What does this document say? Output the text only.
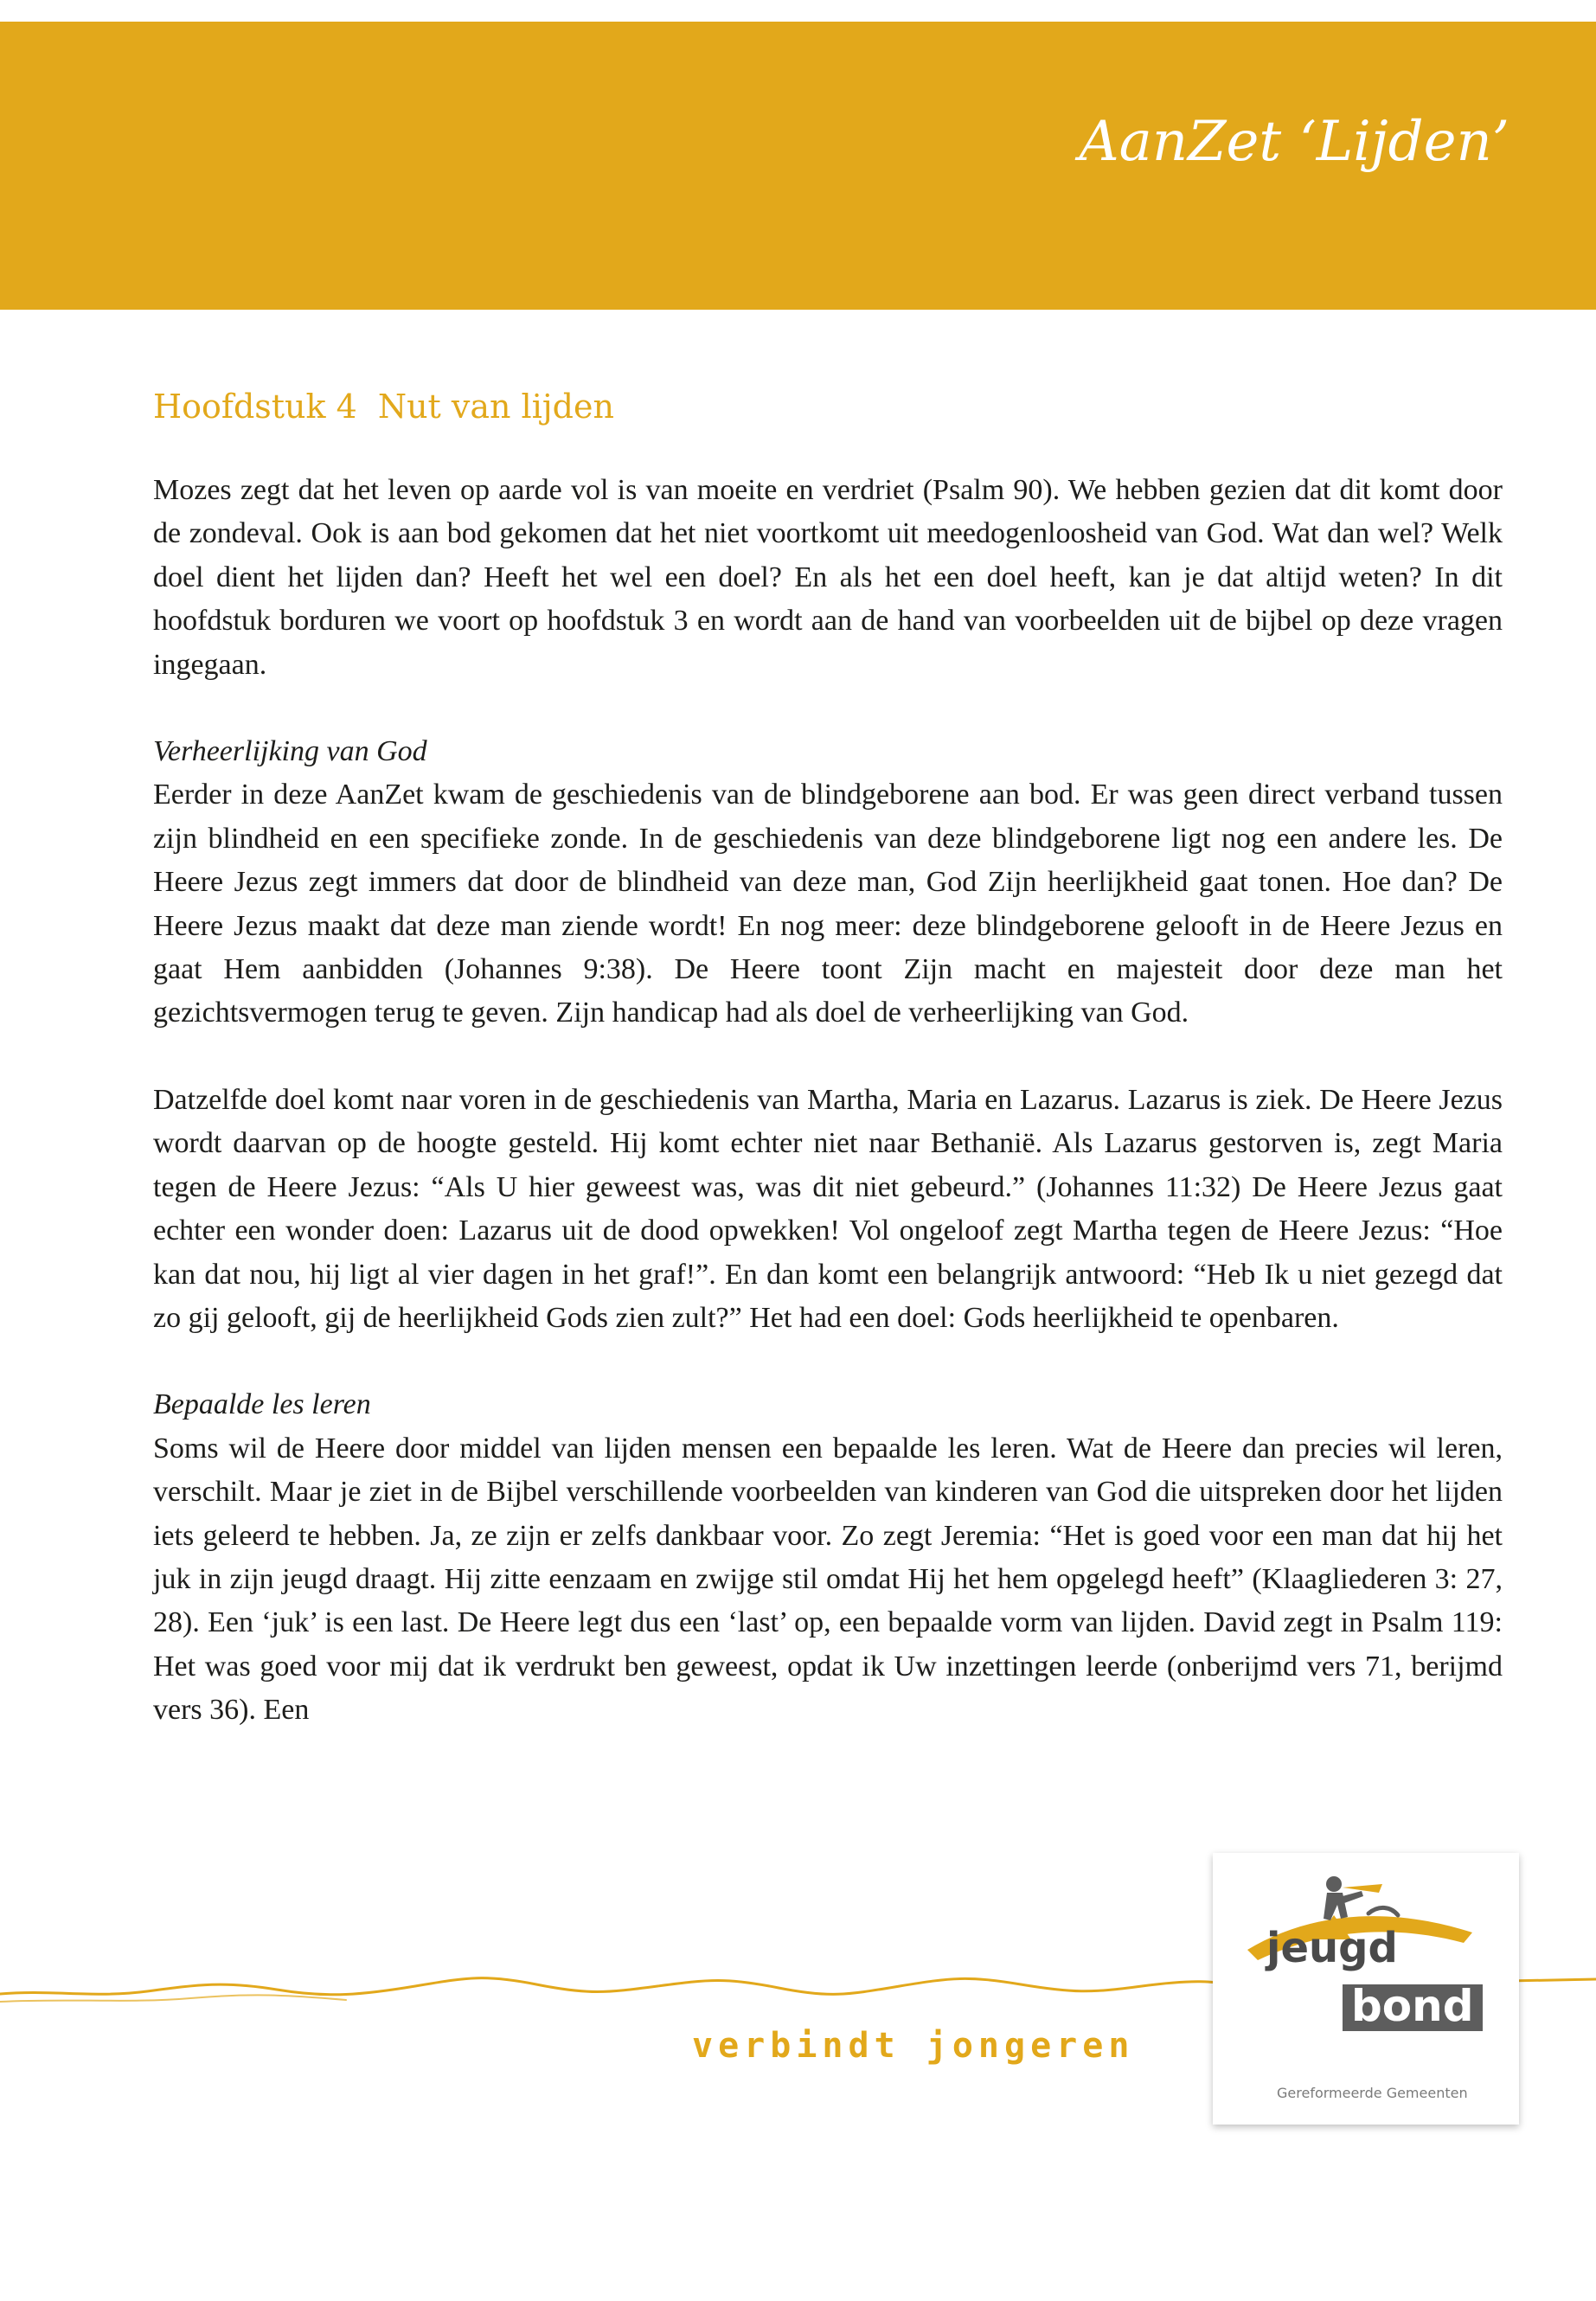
AanZet ‘Lijden’
Hoofdstuk 4 Nut van lijden

Mozes zegt dat het leven op aarde vol is van moeite en verdriet (Psalm 90). We hebben gezien dat dit komt door de zondeval. Ook is aan bod gekomen dat het niet voortkomt uit meedogenloosheid van God. Wat dan wel? Welk doel dient het lijden dan? Heeft het wel een doel? En als het een doel heeft, kan je dat altijd weten? In dit hoofdstuk borduren we voort op hoofdstuk 3 en wordt aan de hand van voorbeelden uit de bijbel op deze vragen ingegaan.

Verheerlijking van God

Eerder in deze AanZet kwam de geschiedenis van de blindgeborene aan bod. Er was geen direct verband tussen zijn blindheid en een specifieke zonde. In de geschiedenis van deze blindgeborene ligt nog een andere les. De Heere Jezus zegt immers dat door de blindheid van deze man, God Zijn heerlijkheid gaat tonen. Hoe dan? De Heere Jezus maakt dat deze man ziende wordt! En nog meer: deze blindgeborene gelooft in de Heere Jezus en gaat Hem aanbidden (Johannes 9:38). De Heere toont Zijn macht en majesteit door deze man het gezichtsvermogen terug te geven. Zijn handicap had als doel de verheerlijking van God.

Datzelfde doel komt naar voren in de geschiedenis van Martha, Maria en Lazarus. Lazarus is ziek. De Heere Jezus wordt daarvan op de hoogte gesteld. Hij komt echter niet naar Bethanië. Als Lazarus gestorven is, zegt Maria tegen de Heere Jezus: “Als U hier geweest was, was dit niet gebeurd.” (Johannes 11:32) De Heere Jezus gaat echter een wonder doen: Lazarus uit de dood opwekken! Vol ongeloof zegt Martha tegen de Heere Jezus: “Hoe kan dat nou, hij ligt al vier dagen in het graf!”. En dan komt een belangrijk antwoord: “Heb Ik u niet gezegd dat zo gij gelooft, gij de heerlijkheid Gods zien zult?” Het had een doel: Gods heerlijkheid te openbaren.

Bepaalde les leren

Soms wil de Heere door middel van lijden mensen een bepaalde les leren. Wat de Heere dan precies wil leren, verschilt. Maar je ziet in de Bijbel verschillende voorbeelden van kinderen van God die uitspreken door het lijden iets geleerd te hebben. Ja, ze zijn er zelfs dankbaar voor. Zo zegt Jeremia: “Het is goed voor een man dat hij het juk in zijn jeugd draagt. Hij zitte eenzaam en zwijge stil omdat Hij het hem opgelegd heeft” (Klaagliederen 3: 27, 28). Een ‘juk’ is een last. De Heere legt dus een ‘last’ op, een bepaalde vorm van lijden. David zegt in Psalm 119: Het was goed voor mij dat ik verdrukt ben geweest, opdat ik Uw inzettingen leerde (onberijmd vers 71, berijmd vers 36). Een

verbindt jongeren

jeugd
bond

Gereformeerde Gemeenten
